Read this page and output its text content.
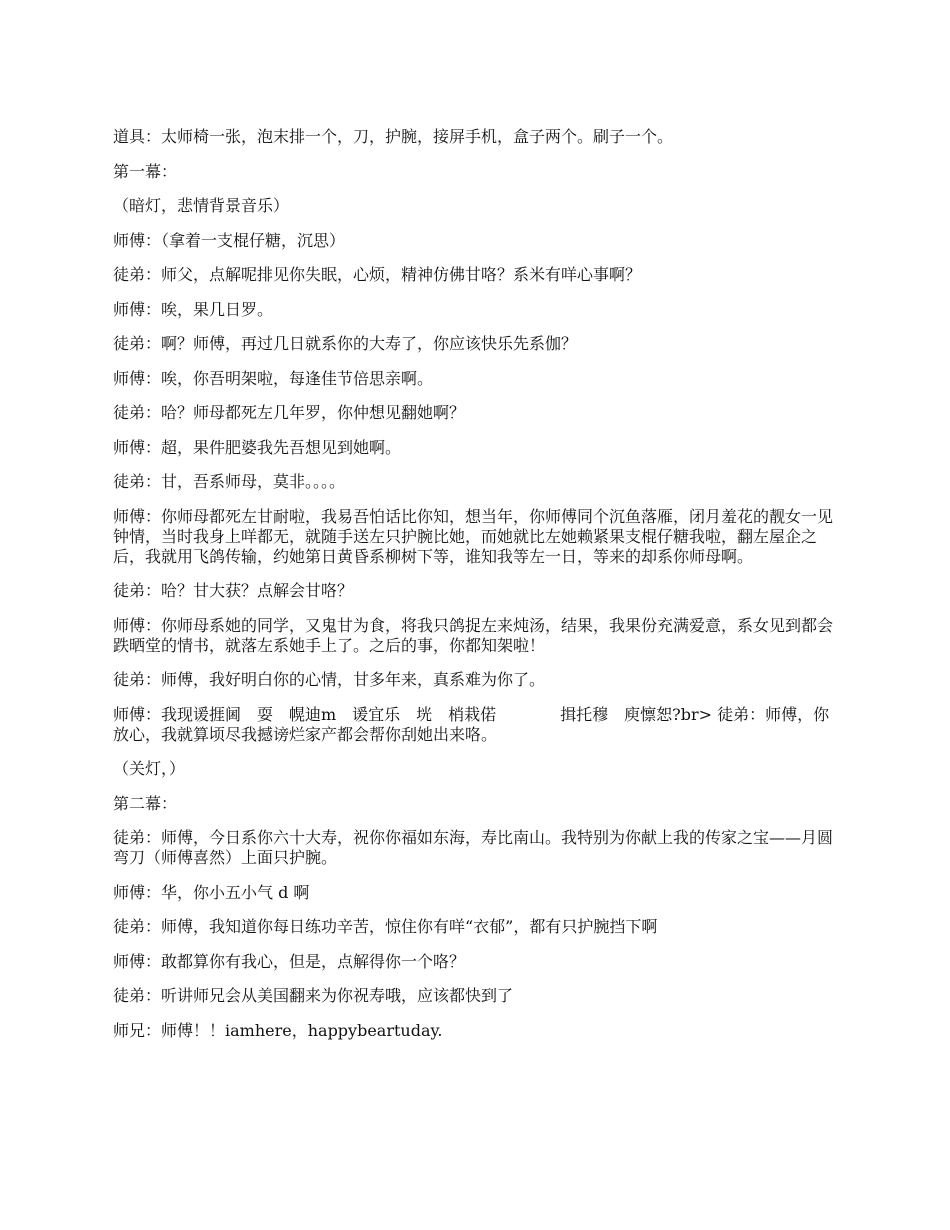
道具：太师椅一张，泡末排一个，刀，护腕，接屏手机，盒子两个。刷子一个。

第一幕：

（暗灯，悲情背景音乐）

师傅：（拿着一支棍仔糖，沉思）

徒弟：师父，点解呢排见你失眠，心烦，精神仿佛甘咯？系米有咩心事啊？

师傅：唉，果几日罗。

徒弟：啊？师傅，再过几日就系你的大寿了，你应该快乐先系伽？

师傅：唉，你吾明架啦，每逢佳节倍思亲啊。

徒弟：哈？师母都死左几年罗，你仲想见翻她啊？

师傅：超，果件肥婆我先吾想见到她啊。

徒弟：甘，吾系师母，莫非。。。。

师傅：你师母都死左甘耐啦，我易吾怕话比你知，想当年，你师傅同个沉鱼落雁，闭月羞花的靓女一见钟情，当时我身上咩都无，就随手送左只护腕比她，而她就比左她赖紧果支棍仔糖我啦，翻左屋企之后，我就用飞鸽传输，约她第日黄昏系柳树下等，谁知我等左一日，等来的却系你师母啊。

徒弟：哈？甘大获？点解会甘咯？

师傅：你师母系她的同学，又鬼甘为食，将我只鸽捉左来炖汤，结果，我果份充满爱意，系女见到都会跌晒堂的情书，就落左系她手上了。之后的事，你都知架啦！

徒弟：师傅，我好明白你的心情，甘多年来，真系难为你了。

师傅：我现谖捱阃　耍　幌迪m　谖宜乐　垙　梢栽偌　　　　揖托穆　庾懔恕?br> 徒弟：师傅，你放心，我就算顷尽我撼谤烂家产都会帮你刮她出来咯。

（关灯，）

第二幕：

徒弟：师傅，今日系你六十大寿，祝你你福如东海，寿比南山。我特别为你献上我的传家之宝——月圆弯刀（师傅喜然）上面只护腕。

师傅：华，你小五小气 d 啊

徒弟：师傅，我知道你每日练功辛苦，惊住你有咩“衣郁”，都有只护腕挡下啊

师傅：敢都算你有我心，但是，点解得你一个咯？

徒弟：听讲师兄会从美国翻来为你祝寿哦，应该都快到了

师兄：师傅！！iamhere，happybeartuday.
